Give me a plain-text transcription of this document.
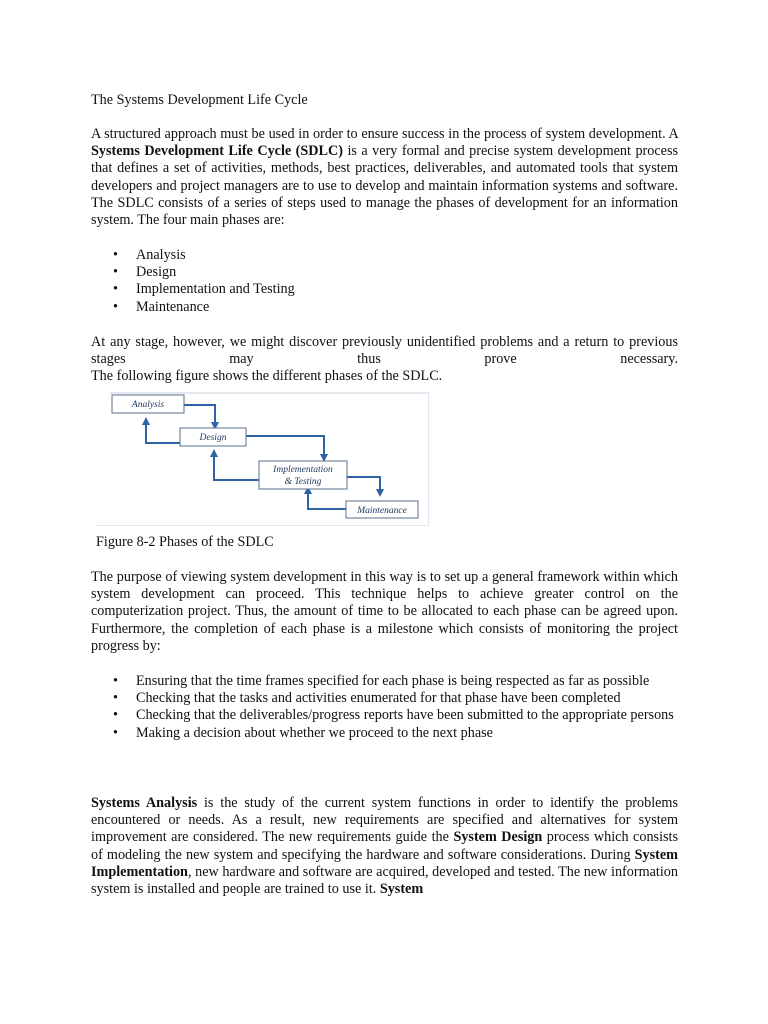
The Systems Development Life Cycle
A structured approach must be used in order to ensure success in the process of system development. A Systems Development Life Cycle (SDLC) is a very formal and precise system development process that defines a set of activities, methods, best practices, deliverables, and automated tools that system developers and project managers are to use to develop and maintain information systems and software. The SDLC consists of a series of steps used to manage the phases of development for an information system. The four main phases are:
• Analysis
• Design
• Implementation and Testing
• Maintenance
At any stage, however, we might discover previously unidentified problems and a return to previous stages may thus prove necessary.
The following figure shows the different phases of the SDLC.
Analysis
Design
Implementation
& Testing
Maintenance
Figure 8-2 Phases of the SDLC
The purpose of viewing system development in this way is to set up a general framework within which system development can proceed. This technique helps to achieve greater control on the computerization project. Thus, the amount of time to be allocated to each phase can be agreed upon. Furthermore, the completion of each phase is a milestone which consists of monitoring the project progress by:
• Ensuring that the time frames specified for each phase is being respected as far as possible
• Checking that the tasks and activities enumerated for that phase have been completed
• Checking that the deliverables/progress reports have been submitted to the appropriate persons
• Making a decision about whether we proceed to the next phase
Systems Analysis is the study of the current system functions in order to identify the problems encountered or needs. As a result, new requirements are specified and alternatives for system improvement are considered. The new requirements guide the System Design process which consists of modeling the new system and specifying the hardware and software considerations. During System Implementation, new hardware and software are acquired, developed and tested. The new information system is installed and people are trained to use it. System
